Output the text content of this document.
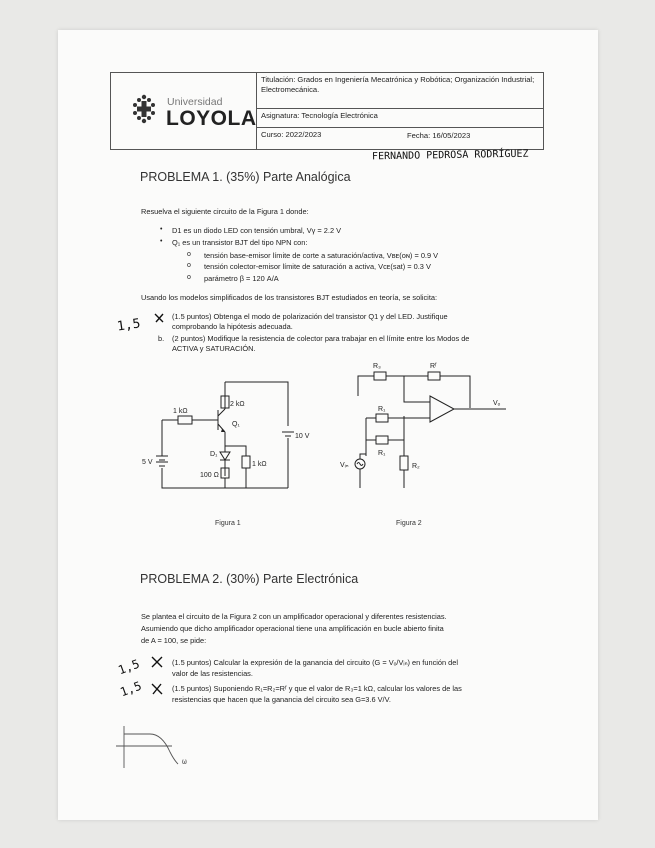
Universidad
LOYOLA
Titulación: Grados en Ingeniería Mecatrónica y Robótica; Organización Industrial; Electromecánica.
Asignatura: Tecnología Electrónica
Curso: 2022/2023	Fecha: 16/05/2023
FERNANDO PEDROSA RODRÍGUEZ
PROBLEMA 1. (35%) Parte Analógica
Resuelva el siguiente circuito de la Figura 1 donde:
• D1 es un diodo LED con tensión umbral, Vγ = 2.2 V
• Q₁ es un transistor BJT del tipo NPN con:
o tensión base-emisor límite de corte a saturación/activa, Vʙᴇ(ᴏɴ) = 0.9 V
o tensión colector-emisor límite de saturación a activa, Vᴄᴇ(sat) = 0.3 V
o parámetro β = 120 A/A
Usando los modelos simplificados de los transistores BJT estudiados en teoría, se solicita:
1,5	(1.5 puntos) Obtenga el modo de polarización del transistor Q1 y del LED. Justifique
comprobando la hipótesis adecuada.
b. (2 puntos) Modifique la resistencia de colector para trabajar en el límite entre los Modos de
ACTIVA y SATURACIÓN.
2 kΩ
1 kΩ
Q₁
D₁
1 kΩ
100 Ω
5 V
10 V
Figura 1
R₃	Rᶠ
R₁
R₁
R₂
Vₒ
Vᵢₙ
Figura 2
PROBLEMA 2. (30%) Parte Electrónica
Se plantea el circuito de la Figura 2 con un amplificador operacional y diferentes resistencias.
Asumiendo que dicho amplificador operacional tiene una amplificación en bucle abierto finita
de A = 100, se pide:
1,5
1,5
(1.5 puntos) Calcular la expresión de la ganancia del circuito (G = Vₒ/Vᵢₙ) en función del
valor de las resistencias.
(1.5 puntos) Suponiendo R₁=R₂=Rᶠ y que el valor de R₃=1 kΩ, calcular los valores de las
resistencias que hacen que la ganancia del circuito sea G=3.6 V/V.
ω
